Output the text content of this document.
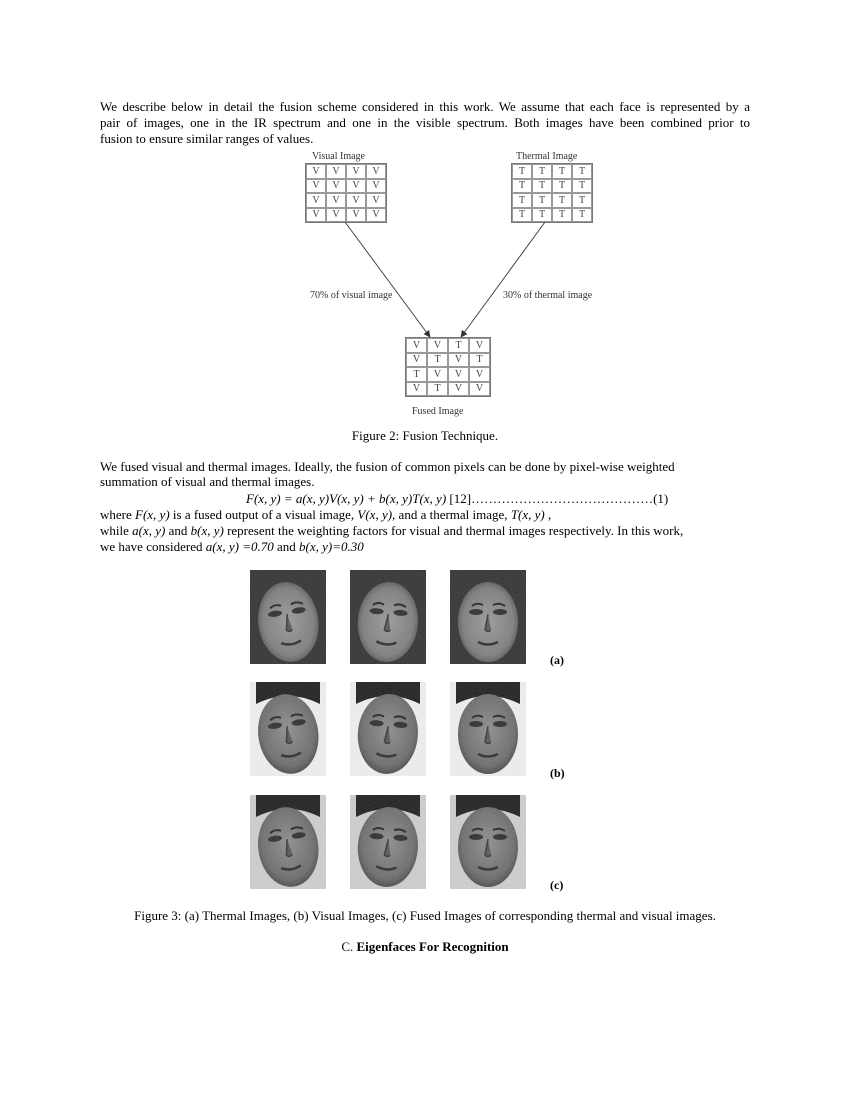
We describe below in detail the fusion scheme considered in this work. We assume that each face is represented by a
pair of images, one in the IR spectrum and one in the visible spectrum. Both images have been combined prior to
fusion to ensure similar ranges of values.
Visual Image	Thermal Image
V	V	V	V
V	V	V	V
V	V	V	V
V	V	V	V
T	T	T	T
T	T	T	T
T	T	T	T
T	T	T	T
70% of visual image	30% of thermal image
V	V	T	V
V	T	V	T
T	V	V	V
V	T	V	V
Fused Image
Figure 2: Fusion Technique.
We fused visual and thermal images. Ideally, the fusion of common pixels can be done by pixel-wise weighted
summation of visual and thermal images.
F(x, y) = a(x, y)V(x, y) + b(x, y)T(x, y) [12]……………………………………(1)
where F(x, y) is a fused output of a visual image, V(x, y), and a thermal image, T(x, y) ,
while a(x, y) and b(x, y) represent the weighting factors for visual and thermal images respectively. In this work,
we have considered a(x, y) =0.70 and b(x, y)=0.30
(a)
(b)
(c)
Figure 3: (a) Thermal Images, (b) Visual Images, (c) Fused Images of corresponding thermal and visual images.
C. Eigenfaces For Recognition
